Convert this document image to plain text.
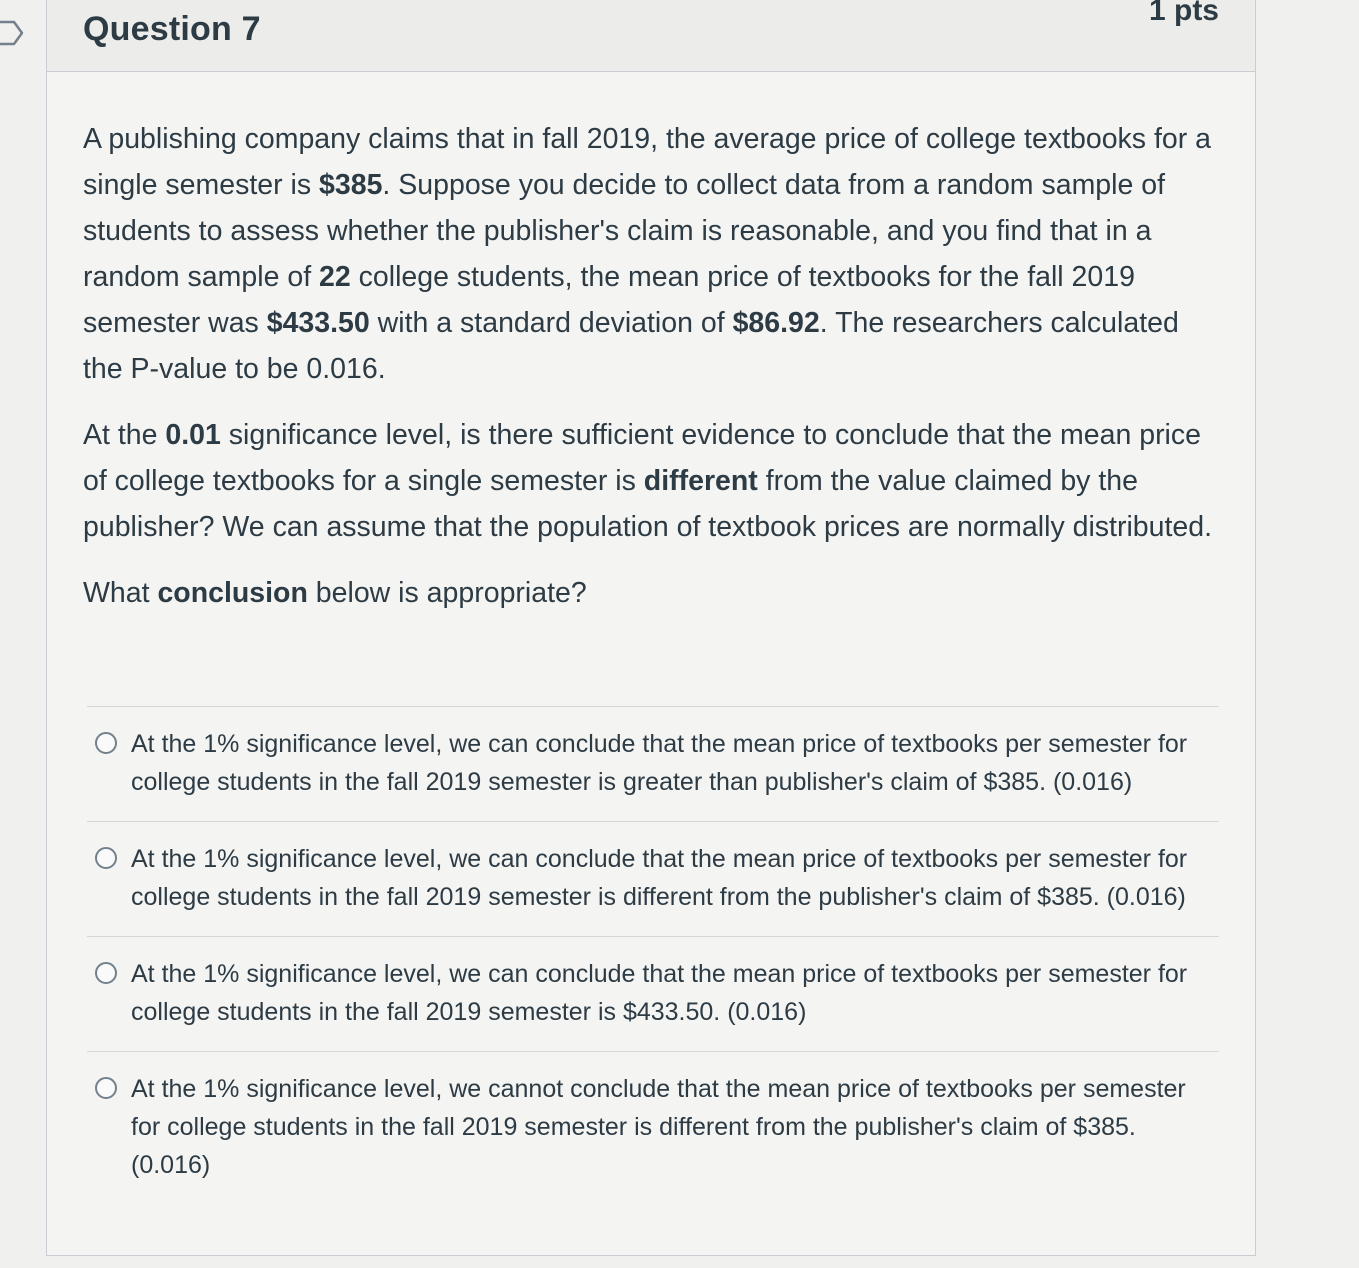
Question 7	1 pts

A publishing company claims that in fall 2019, the average price of college textbooks for a single semester is $385. Suppose you decide to collect data from a random sample of students to assess whether the publisher's claim is reasonable, and you find that in a random sample of 22 college students, the mean price of textbooks for the fall 2019 semester was $433.50 with a standard deviation of $86.92. The researchers calculated the P-value to be 0.016.

At the 0.01 significance level, is there sufficient evidence to conclude that the mean price of college textbooks for a single semester is different from the value claimed by the publisher? We can assume that the population of textbook prices are normally distributed.

What conclusion below is appropriate?

At the 1% significance level, we can conclude that the mean price of textbooks per semester for college students in the fall 2019 semester is greater than publisher's claim of $385. (0.016)
At the 1% significance level, we can conclude that the mean price of textbooks per semester for college students in the fall 2019 semester is different from the publisher's claim of $385. (0.016)
At the 1% significance level, we can conclude that the mean price of textbooks per semester for college students in the fall 2019 semester is $433.50. (0.016)
At the 1% significance level, we cannot conclude that the mean price of textbooks per semester for college students in the fall 2019 semester is different from the publisher's claim of $385. (0.016)
